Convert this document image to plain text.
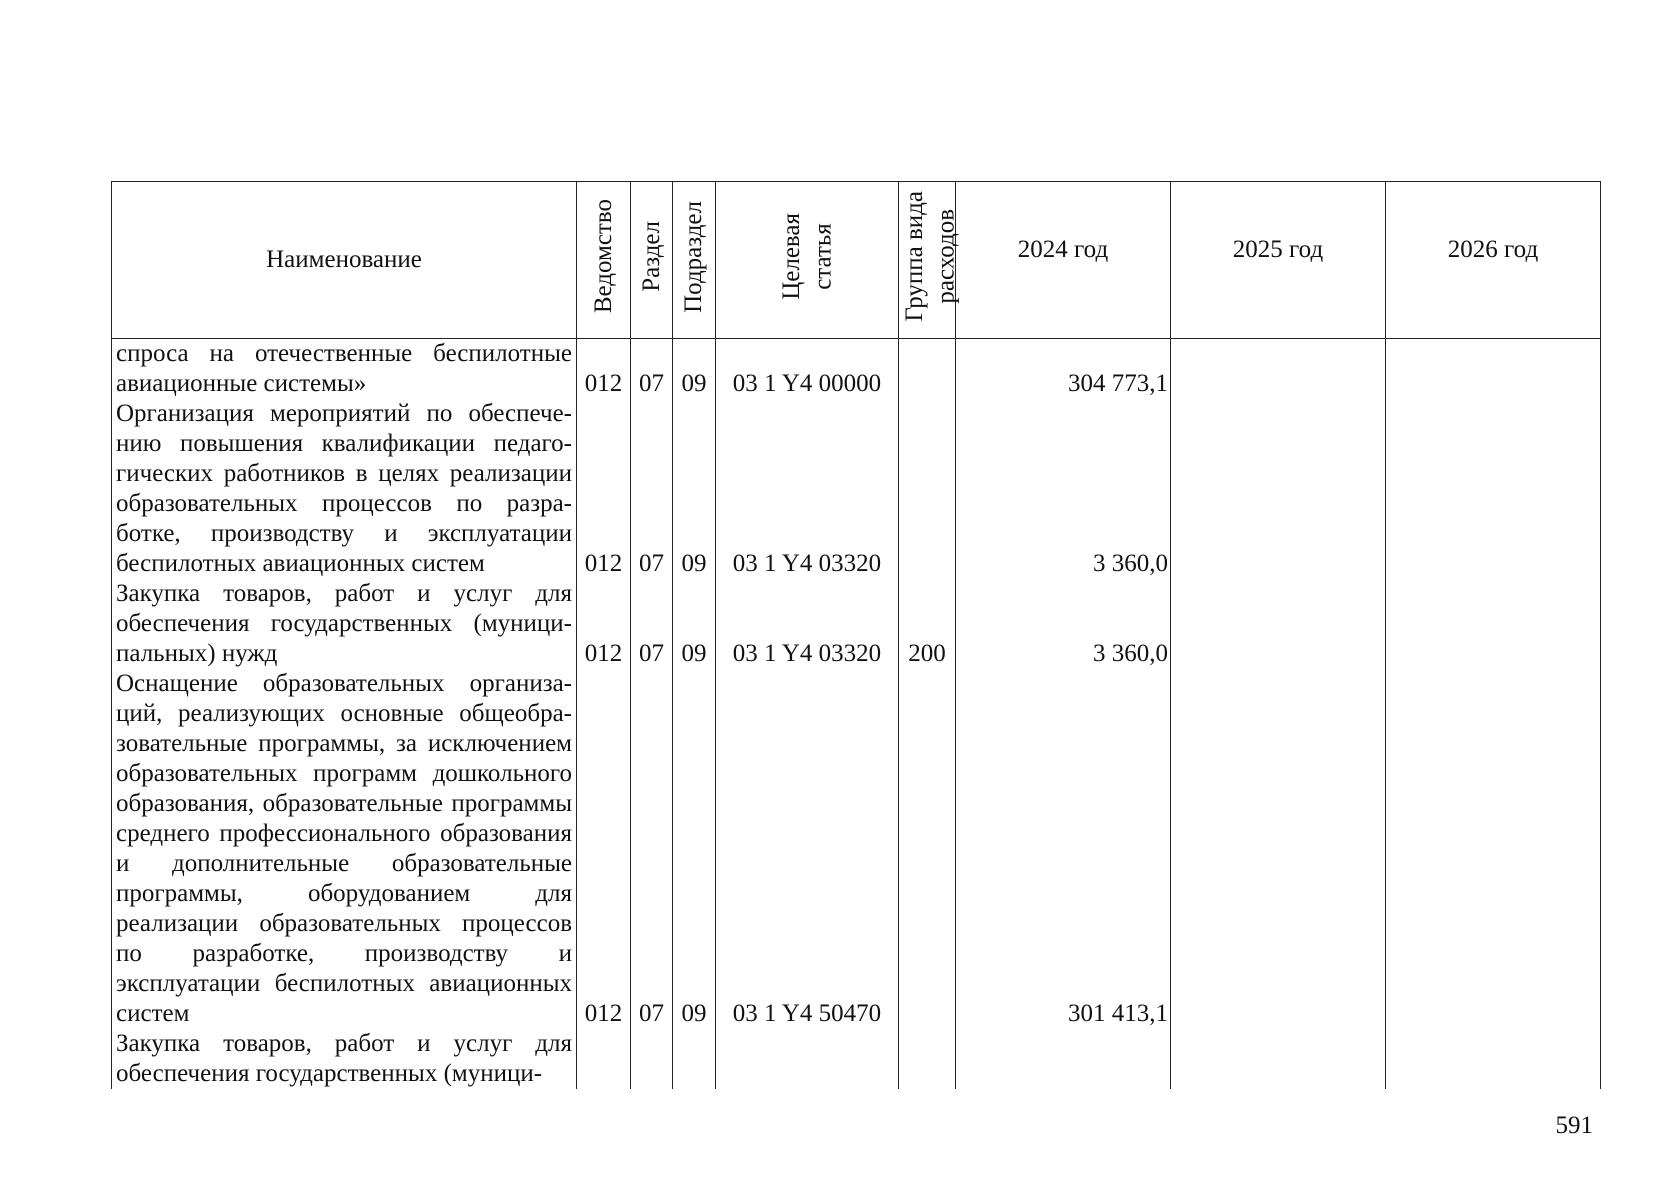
Наименование	Ведомство	Раздел	Подраздел	Целевая статья	Группа вида расходов	2024 год	2025 год	2026 год
спроса на отечественные беспилотные авиационные системы»	012	07	09	03 1 Y4 00000		304 773,1		
Организация мероприятий по обеспечению повышения квалификации педагогических работников в целях реализации образовательных процессов по разработке, производству и эксплуатации беспилотных авиационных систем	012	07	09	03 1 Y4 03320		3 360,0		
Закупка товаров, работ и услуг для обеспечения государственных (муниципальных) нужд	012	07	09	03 1 Y4 03320	200	3 360,0		
Оснащение образовательных организаций, реализующих основные общеобразовательные программы, за исключением образовательных программ дошкольного образования, образовательные программы среднего профессионального образования и дополнительные образовательные программы, оборудованием для реализации образовательных процессов по разработке, производству и эксплуатации беспилотных авиационных систем	012	07	09	03 1 Y4 50470		301 413,1		
Закупка товаров, работ и услуг для обеспечения государственных (муници-								
591
